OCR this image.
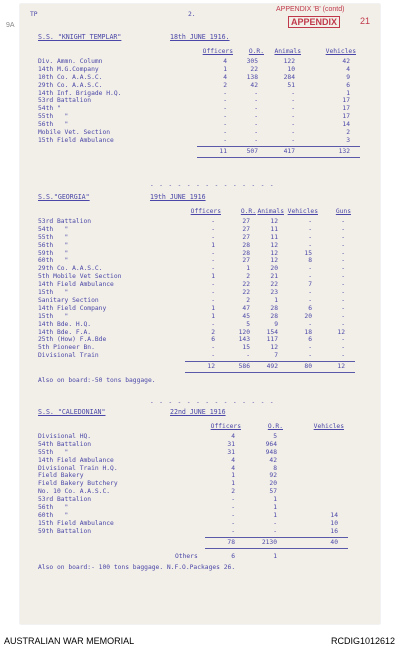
TP	2.
APPENDIX 'B' (contd)
APPENDIX	21
9A
S.S. "KNIGHT TEMPLAR"	18th JUNE 1916.
Officers	O.R. Animals	Vehicles
Div. Ammn. Column	4	305	122	42
14th M.G.Company	1	22	10	4
10th Co. A.A.S.C.	4	138	284	9
29th Co. A.A.S.C.	2	42	51	6
14th Inf. Brigade H.Q.	-	-	-	1
53rd Battalion	-	-	-	17
54th "	-	-	-	17
55th   "	-	-	-	17
56th   "	-	-	-	14
Mobile Vet. Section	-	-	-	2
15th Field Ambulance	-	-	-	3
11	507	417	132
- - - - - - - - - - - - - -
S.S."GEORGIA"	19th JUNE 1916
Officers	O.R. Animals Vehicles	Guns
53rd Battalion	-	27	12	-	-
54th   "	-	27	11	-	-
55th   "	-	27	11	-	-
56th   "	1	28	12	-	-
59th   "	-	28	12	15	-
60th   "	-	27	12	8	-
29th Co. A.A.S.C.	-	1	20	-	-
5th Mobile Vet Section	1	2	21	-	-
14th Field Ambulance	-	22	22	7	-
15th   "	-	22	23	-	-
Sanitary Section	-	2	1	-	-
14th Field Company	1	47	28	6	-
15th   "	1	45	28	20	-
14th Bde. H.Q.	-	5	9	-	-
14th Bde. F.A.	2	120	154	18	12
25th (How) F.A.Bde	6	143	117	6	-
5th Pioneer Bn.	-	15	12	-	-
Divisional Train	-	-	7	-	-
12	586	492	80	12
Also on board:-50 tons baggage.
- - - - - - - - - - - - - -
S.S. "CALEDONIAN"	22nd JUNE 1916
Officers	O.R.	Vehicles
Divisional HQ.	4	5
54th Battalion	31	964
55th   "	31	948
14th Field Ambulance	4	42
Divisional Train H.Q.	4	8
Field Bakery	1	92
Field Bakery Butchery	1	20
No. 10 Co. A.A.S.C.	2	57
53rd Battalion	-	1
56th   "	-	1
60th   "	-	1	14
15th Field Ambulance	-	-	10
59th Battalion	-	-	16
78	2130	40
Others	6	1
Also on board:- 100 tons baggage. N.F.O.Packages 26.
AUSTRALIAN WAR MEMORIAL	RCDIG1012612
